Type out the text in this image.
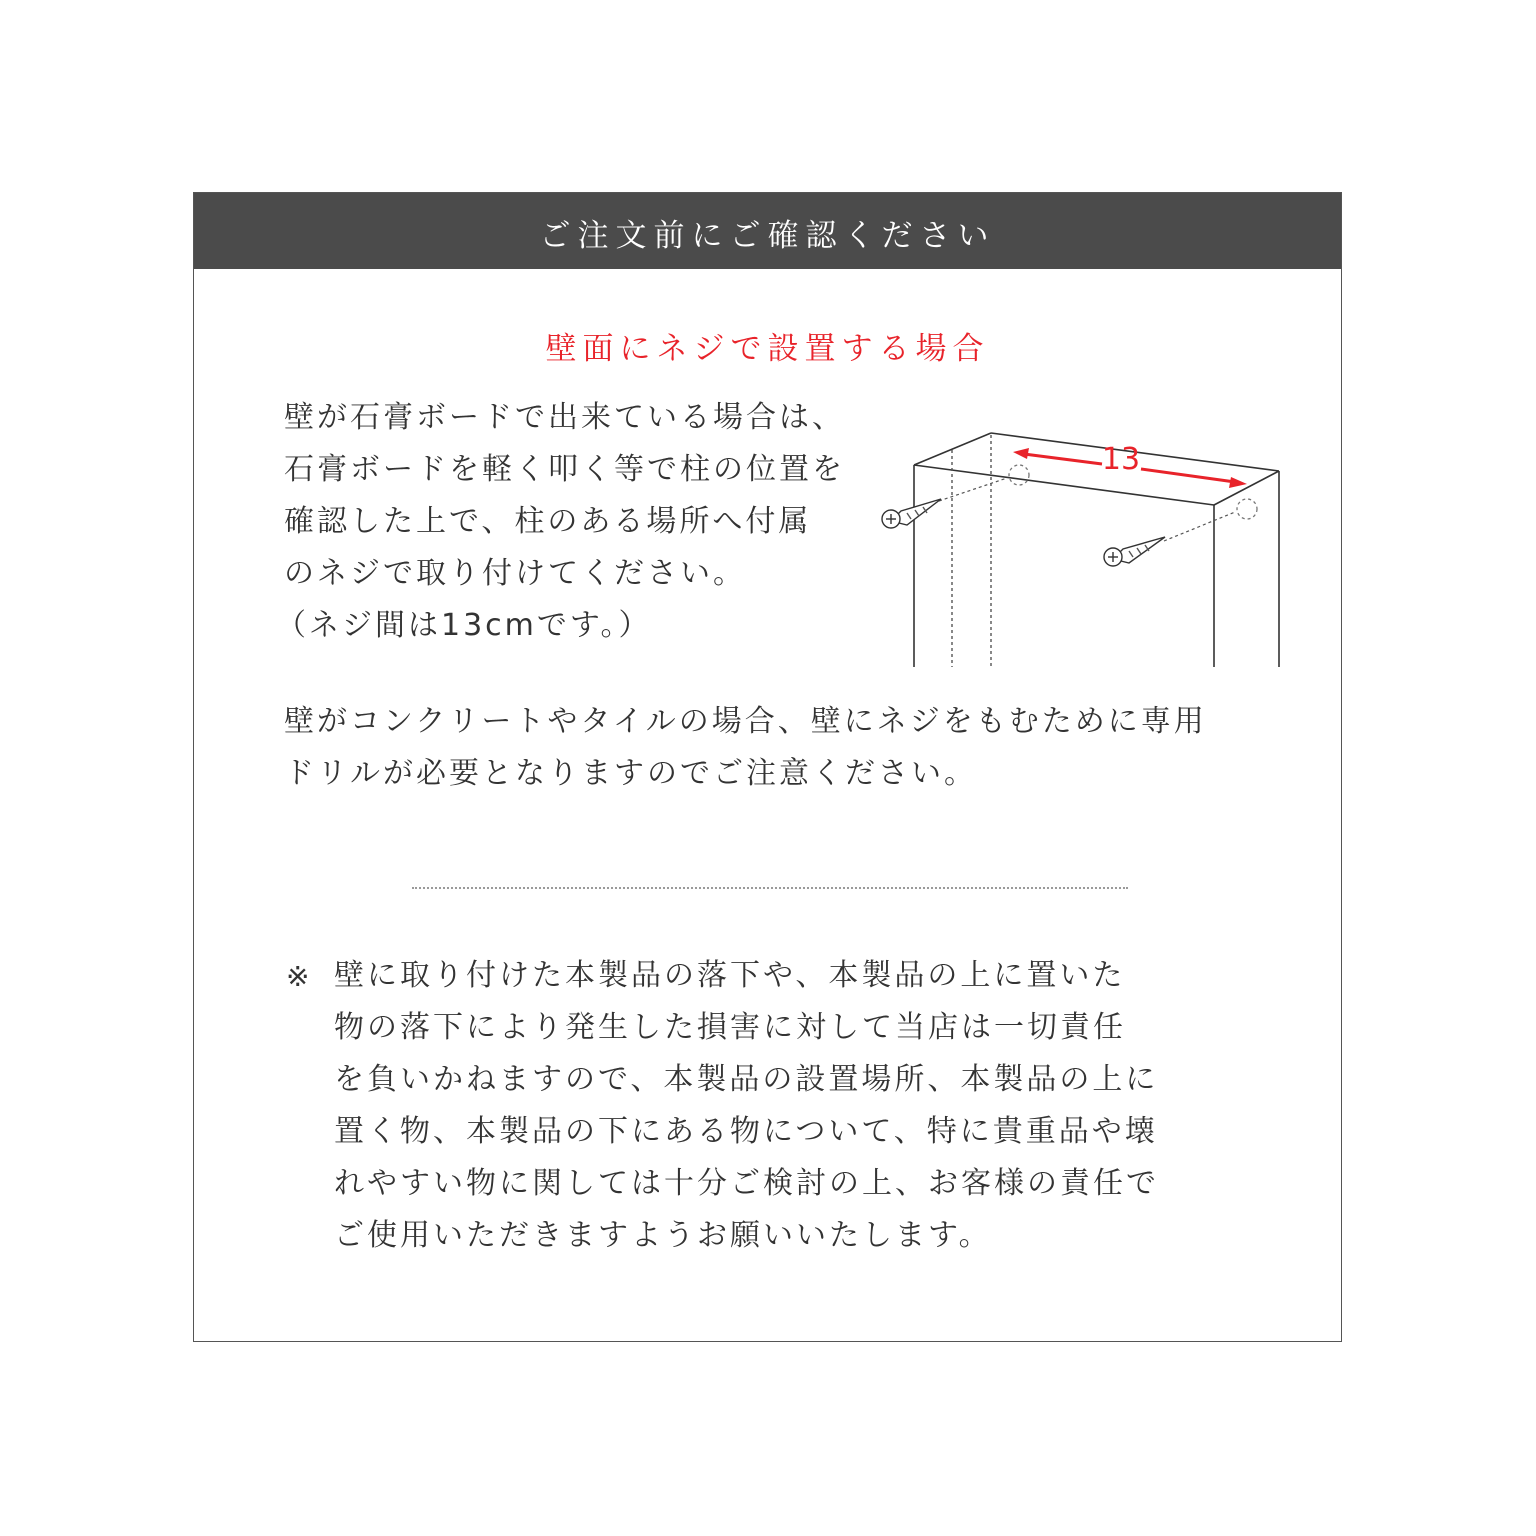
ご注文前にご確認ください
壁面にネジで設置する場合
壁が石膏ボードで出来ている場合は、
石膏ボードを軽く叩く等で柱の位置を
確認した上で、柱のある場所へ付属
のネジで取り付けてください。
（ネジ間は13cmです。）
13
壁がコンクリートやタイルの場合、壁にネジをもむために専用
ドリルが必要となりますのでご注意ください。
※ 壁に取り付けた本製品の落下や、本製品の上に置いた
物の落下により発生した損害に対して当店は一切責任
を負いかねますので、本製品の設置場所、本製品の上に
置く物、本製品の下にある物について、特に貴重品や壊
れやすい物に関しては十分ご検討の上、お客様の責任で
ご使用いただきますようお願いいたします。
